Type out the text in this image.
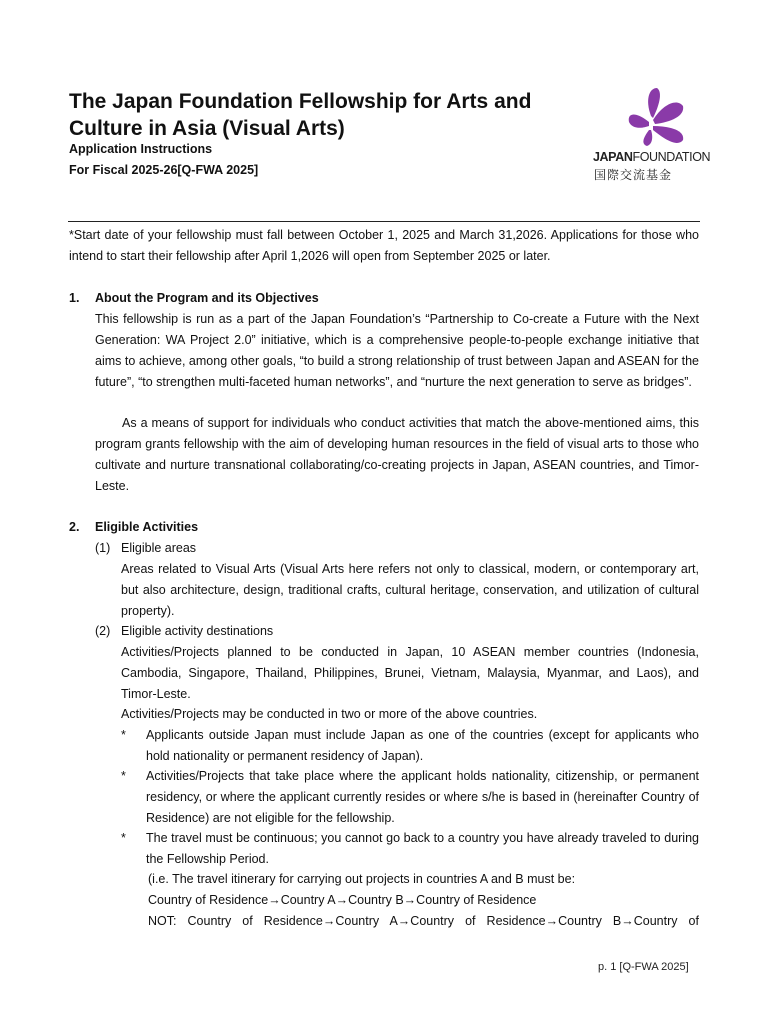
The Japan Foundation Fellowship for Arts and Culture in Asia (Visual Arts)
Application Instructions
For Fiscal 2025-26[Q-FWA 2025]
JAPANFOUNDATION
国際交流基金

*Start date of your fellowship must fall between October 1, 2025 and March 31,2026. Applications for those who intend to start their fellowship after April 1,2026 will open from September 2025 or later.

1. About the Program and its Objectives

This fellowship is run as a part of the Japan Foundation’s “Partnership to Co-create a Future with the Next Generation: WA Project 2.0” initiative, which is a comprehensive people-to-people exchange initiative that aims to achieve, among other goals, “to build a strong relationship of trust between Japan and ASEAN for the future”, “to strengthen multi-faceted human networks”, and “nurture the next generation to serve as bridges”.

As a means of support for individuals who conduct activities that match the above-mentioned aims, this program grants fellowship with the aim of developing human resources in the field of visual arts to those who cultivate and nurture transnational collaborating/co-creating projects in Japan, ASEAN countries, and Timor-Leste.

2. Eligible Activities
(1) Eligible areas

Areas related to Visual Arts (Visual Arts here refers not only to classical, modern, or contemporary art, but also architecture, design, traditional crafts, cultural heritage, conservation, and utilization of cultural property).

(2) Eligible activity destinations

Activities/Projects planned to be conducted in Japan, 10 ASEAN member countries (Indonesia, Cambodia, Singapore, Thailand, Philippines, Brunei, Vietnam, Malaysia, Myanmar, and Laos), and Timor-Leste.

Activities/Projects may be conducted in two or more of the above countries.
* Applicants outside Japan must include Japan as one of the countries (except for applicants who hold nationality or permanent residency of Japan).

* Activities/Projects that take place where the applicant holds nationality, citizenship, or permanent residency, or where the applicant currently resides or where s/he is based in (hereinafter Country of Residence) are not eligible for the fellowship.

* The travel must be continuous; you cannot go back to a country you have already traveled to during the Fellowship Period.

(i.e. The travel itinerary for carrying out projects in countries A and B must be:
Country of Residence→Country A→Country B→Country of Residence
NOT: Country of Residence→Country A→Country of Residence→Country B→Country of
p. 1 [Q-FWA 2025]
